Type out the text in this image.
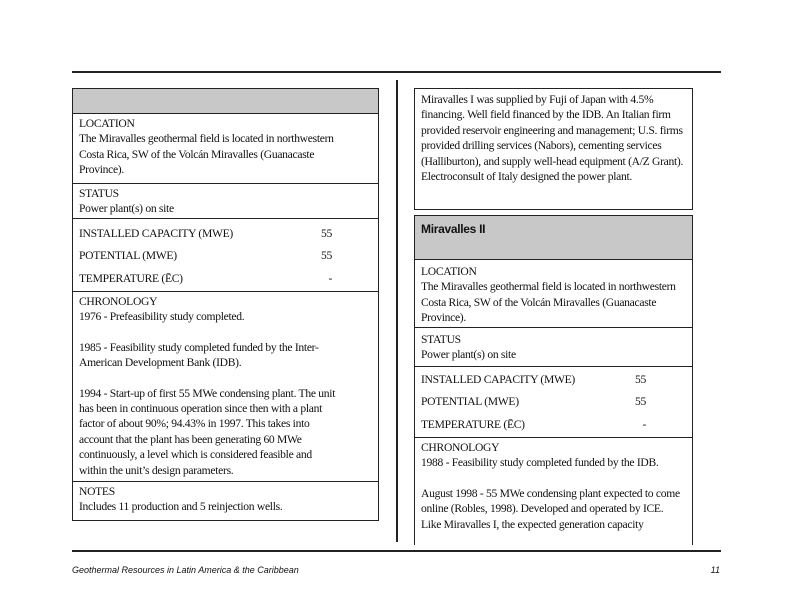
LOCATION
The Miravalles geothermal field is located in northwestern Costa Rica, SW of the Volcán Miravalles (Guanacaste Province).
STATUS
Power plant(s) on site
INSTALLED CAPACITY (MWE)	55
POTENTIAL (MWE)	55
TEMPERATURE (ĒC)	-
CHRONOLOGY

1976 - Prefeasibility study completed.

1985 - Feasibility study completed funded by the Inter-American Development Bank (IDB).

1994 - Start-up of first 55 MWe condensing plant. The unit has been in continuous operation since then with a plant factor of about 90%; 94.43% in 1997. This takes into account that the plant has been generating 60 MWe continuously, a level which is considered feasible and within the unit’s design parameters.

NOTES
Includes 11 production and 5 reinjection wells.
Miravalles I was supplied by Fuji of Japan with 4.5% financing. Well field financed by the IDB. An Italian firm provided reservoir engineering and management; U.S. firms provided drilling services (Nabors), cementing services (Halliburton), and supply well-head equipment (A/Z Grant). Electroconsult of Italy designed the power plant.
Miravalles II
LOCATION
The Miravalles geothermal field is located in northwestern Costa Rica, SW of the Volcán Miravalles (Guanacaste Province).
STATUS
Power plant(s) on site
INSTALLED CAPACITY (MWE)	55
POTENTIAL (MWE)	55
TEMPERATURE (ĒC)	-
CHRONOLOGY

1988 - Feasibility study completed funded by the IDB.

August 1998 - 55 MWe condensing plant expected to come online (Robles, 1998). Developed and operated by ICE. Like Miravalles I, the expected generation capacity

Geothermal Resources in Latin America & the Caribbean	11
